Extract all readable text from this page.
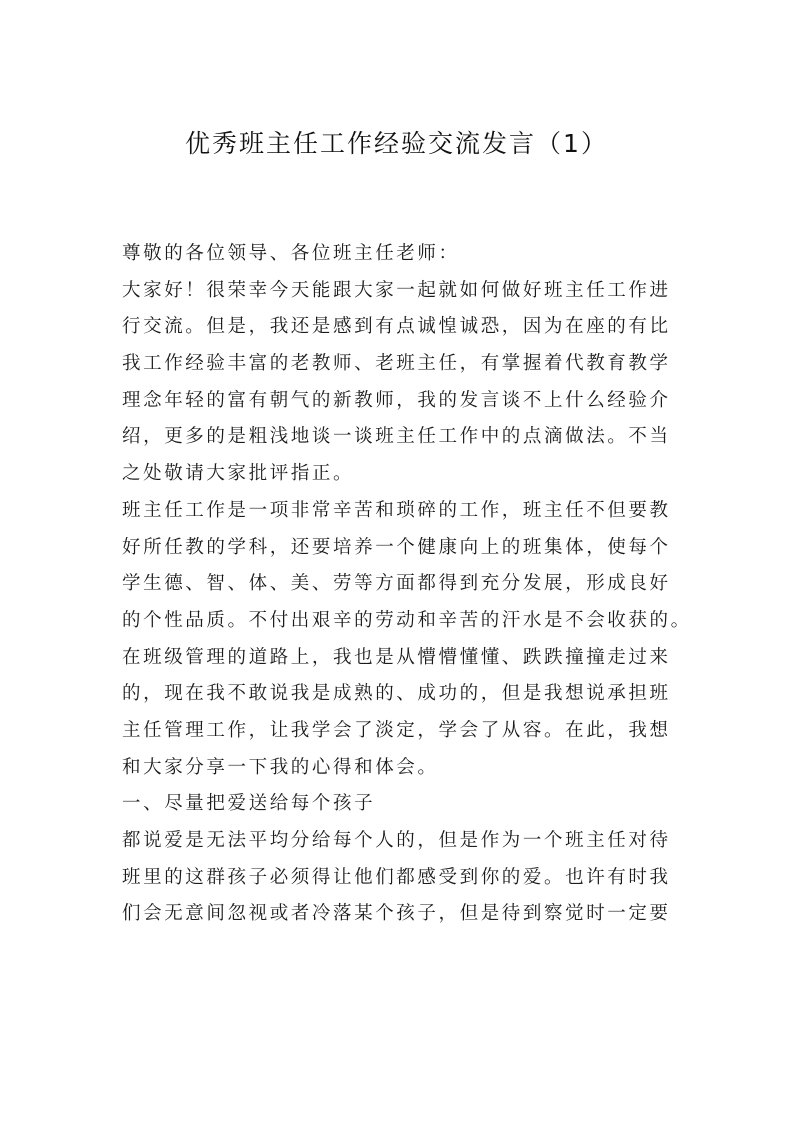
优秀班主任工作经验交流发言（1）
尊敬的各位领导、各位班主任老师：
大家好！很荣幸今天能跟大家一起就如何做好班主任工作进
行交流。但是，我还是感到有点诚惶诚恐，因为在座的有比
我工作经验丰富的老教师、老班主任，有掌握着代教育教学
理念年轻的富有朝气的新教师，我的发言谈不上什么经验介
绍，更多的是粗浅地谈一谈班主任工作中的点滴做法。不当
之处敬请大家批评指正。
班主任工作是一项非常辛苦和琐碎的工作，班主任不但要教
好所任教的学科，还要培养一个健康向上的班集体，使每个
学生德、智、体、美、劳等方面都得到充分发展，形成良好
的个性品质。不付出艰辛的劳动和辛苦的汗水是不会收获的。
在班级管理的道路上，我也是从懵懵懂懂、跌跌撞撞走过来
的，现在我不敢说我是成熟的、成功的，但是我想说承担班
主任管理工作，让我学会了淡定，学会了从容。在此，我想
和大家分享一下我的心得和体会。
一、尽量把爱送给每个孩子
都说爱是无法平均分给每个人的，但是作为一个班主任对待
班里的这群孩子必须得让他们都感受到你的爱。也许有时我
们会无意间忽视或者冷落某个孩子，但是待到察觉时一定要
